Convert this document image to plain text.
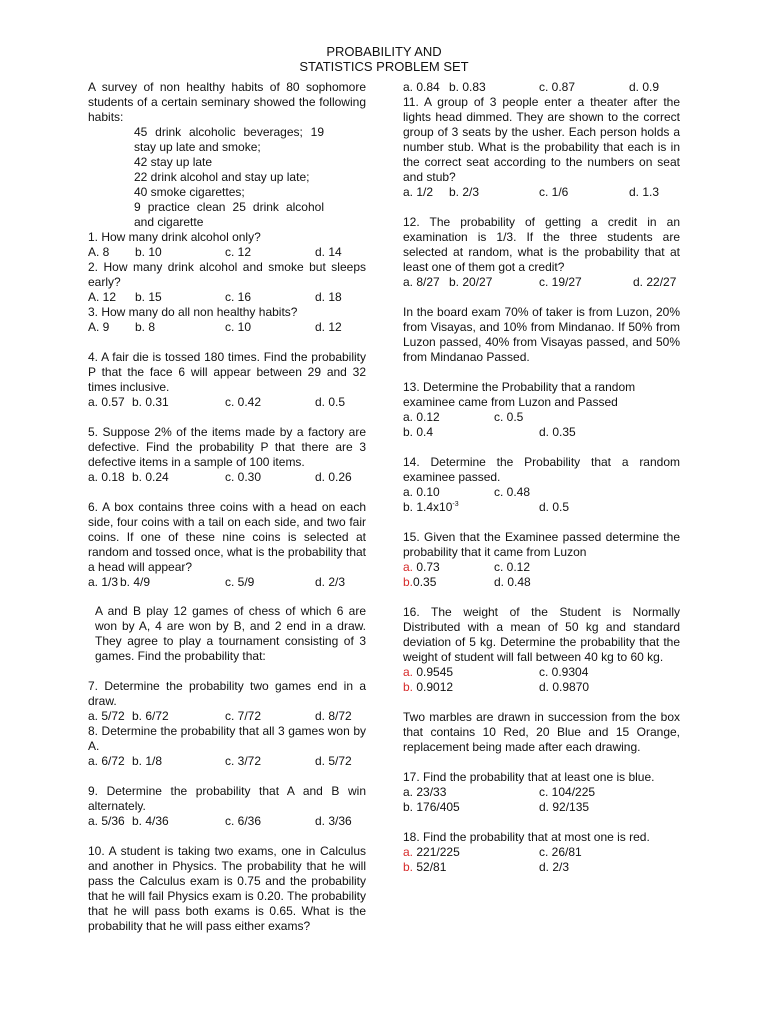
PROBABILITY AND
STATISTICS PROBLEM SET

A survey of non healthy habits of 80 sophomore students of a certain seminary showed the following habits:

45 drink alcoholic beverages; 19 stay up late and smoke;

42 stay up late

22 drink alcohol and stay up late;

40 smoke cigarettes;

9 practice clean 25 drink alcohol and cigarette

1. How many drink alcohol only?

A. 8	b. 10	c. 12	d. 14

2. How many drink alcohol and smoke but sleeps early?

A. 12	b. 15	c. 16	d. 18

3. How many do all non healthy habits?

A. 9	b. 8	c. 10	d. 12

4. A fair die is tossed 180 times. Find the probability P that the face 6 will appear between 29 and 32 times inclusive.

a. 0.57 b. 0.31	c. 0.42	d. 0.5

5. Suppose 2% of the items made by a factory are defective. Find the probability P that there are 3 defective items in a sample of 100 items.

a. 0.18 b. 0.24	c. 0.30	d. 0.26

6. A box contains three coins with a head on each side, four coins with a tail on each side, and two fair coins. If one of these nine coins is selected at random and tossed once, what is the probability that a head will appear?

a. 1/3 b. 4/9	c. 5/9	d. 2/3

A and B play 12 games of chess of which 6 are won by A, 4 are won by B, and 2 end in a draw. They agree to play a tournament consisting of 3 games. Find the probability that:

7. Determine the probability two games end in a draw.

a. 5/72 b. 6/72	c. 7/72	d. 8/72

8. Determine the probability that all 3 games won by A.

a. 6/72 b. 1/8	c. 3/72	d. 5/72

9. Determine the probability that A and B win alternately.

a. 5/36 b. 4/36	c. 6/36	d. 3/36

10. A student is taking two exams, one in Calculus and another in Physics. The probability that he will pass the Calculus exam is 0.75 and the probability that he will fail Physics exam is 0.20. The probability that he will pass both exams is 0.65. What is the probability that he will pass either exams?

a. 0.84 b. 0.83	c. 0.87	d. 0.9

11. A group of 3 people enter a theater after the lights head dimmed. They are shown to the correct group of 3 seats by the usher. Each person holds a number stub. What is the probability that each is in the correct seat according to the numbers on seat and stub?

a. 1/2	b. 2/3	c. 1/6	d. 1.3

12. The probability of getting a credit in an examination is 1/3. If the three students are selected at random, what is the probability that at least one of them got a credit?

a. 8/27 b. 20/27	c. 19/27	d. 22/27

In the board exam 70% of taker is from Luzon, 20% from Visayas, and 10% from Mindanao. If 50% from Luzon passed, 40% from Visayas passed, and 50% from Mindanao Passed.

13. Determine the Probability that a random examinee came from Luzon and Passed

a. 0.12	c. 0.5
b. 0.4	d. 0.35

14. Determine the Probability that a random examinee passed.

a. 0.10	c. 0.48
b. $1.4x10^{-3}$	d. 0.5

15. Given that the Examinee passed determine the probability that it came from Luzon

a. 0.73	c. 0.12
b.0.35	d. 0.48

16. The weight of the Student is Normally Distributed with a mean of 50 kg and standard deviation of 5 kg. Determine the probability that the weight of student will fall between 40 kg to 60 kg.

a. 0.9545	c. 0.9304
b. 0.9012	d. 0.9870

Two marbles are drawn in succession from the box that contains 10 Red, 20 Blue and 15 Orange, replacement being made after each drawing.

17. Find the probability that at least one is blue.

a. 23/33	c. 104/225
b. 176/405	d. 92/135

18. Find the probability that at most one is red.

a. 221/225	c. 26/81
b. 52/81	d. 2/3
